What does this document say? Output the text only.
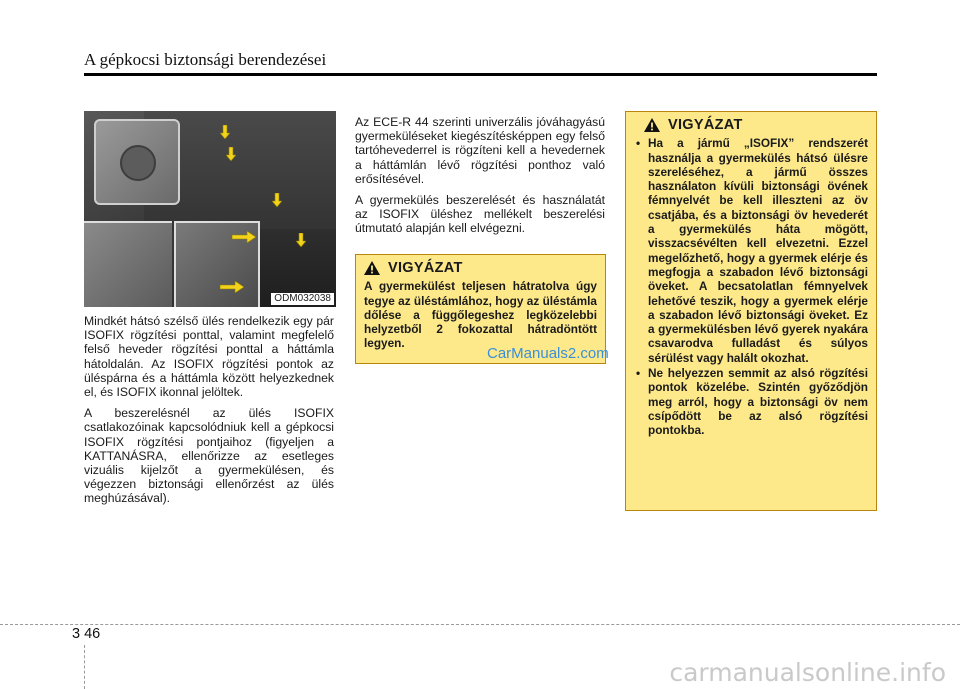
A gépkocsi biztonsági berendezései
ODM032038

Mindkét hátsó szélső ülés rendelkezik egy pár ISOFIX rögzítési ponttal, valamint megfelelő felső heveder rögzítési ponttal a háttámla hátoldalán. Az ISOFIX rögzítési pontok az üléspárna és a háttámla között helyezkednek el, és ISOFIX ikonnal jelöltek.

A beszerelésnél az ülés ISOFIX csatlakozóinak kapcsolódniuk kell a gépkocsi ISOFIX rögzítési pontjaihoz (figyeljen a KATTANÁSRA, ellenőrizze az esetleges vizuális kijelzőt a gyermekülésen, és végezzen biztonsági ellenőrzést az ülés meghúzásával).

Az ECE-R 44 szerinti univerzális jóváhagyású gyermeküléseket kiegészítésképpen egy felső tartóhevederrel is rögzíteni kell a hevedernek a háttámlán lévő rögzítési ponthoz való erősítésével.

A gyermekülés beszerelését és használatát az ISOFIX üléshez mellékelt beszerelési útmutató alapján kell elvégezni.

VIGYÁZAT
A gyermekülést teljesen hátratolva úgy tegye az üléstámlához, hogy az üléstámla dőlése a függőlegeshez legközelebbi helyzetből 2 fokozattal hátradöntött legyen.
CarManuals2.com
VIGYÁZAT
• Ha a jármű „ISOFIX” rendszerét használja a gyermekülés hátsó ülésre szereléséhez, a jármű összes használaton kívüli biztonsági övének fémnyelvét be kell illeszteni az öv csatjába, és a biztonsági öv hevederét a gyermekülés háta mögött, visszacsévélten kell elvezetni. Ezzel megelőzhető, hogy a gyermek elérje és megfogja a szabadon lévő biztonsági öveket. A becsatolatlan fémnyelvek lehetővé teszik, hogy a gyermek elérje a szabadon lévő biztonsági öveket. Ez a gyermekülésben lévő gyerek nyakára csavarodva fulladást és súlyos sérülést vagy halált okozhat.
• Ne helyezzen semmit az alsó rögzítési pontok közelébe. Szintén győződjön meg arról, hogy a biztonsági öv nem csípődött be az alsó rögzítési pontokba.
3 46
carmanualsonline.info
